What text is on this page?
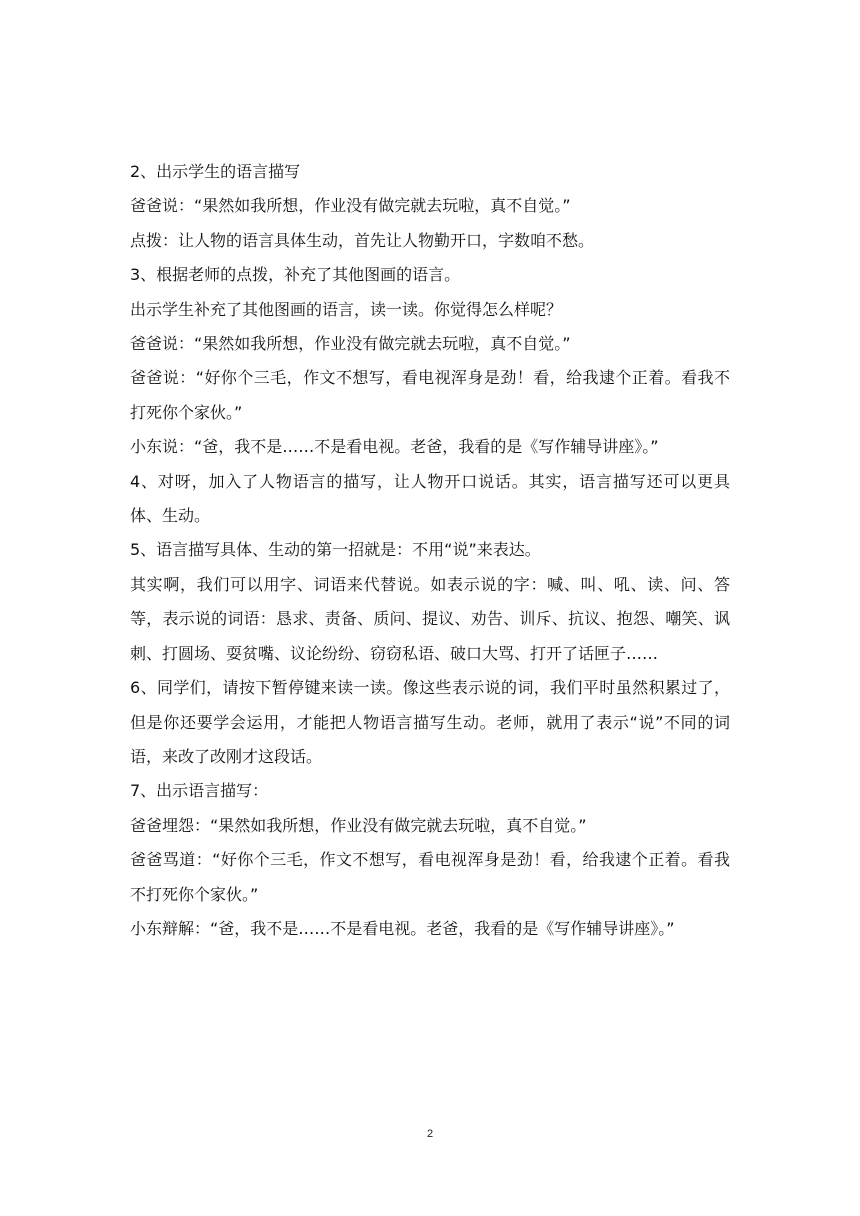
2、出示学生的语言描写

爸爸说：“果然如我所想，作业没有做完就去玩啦，真不自觉。”

点拨：让人物的语言具体生动，首先让人物勤开口，字数咱不愁。

3、根据老师的点拨，补充了其他图画的语言。

出示学生补充了其他图画的语言，读一读。你觉得怎么样呢？

爸爸说：“果然如我所想，作业没有做完就去玩啦，真不自觉。”

爸爸说：“好你个三毛，作文不想写，看电视浑身是劲！看，给我逮个正着。看我不打死你个家伙。”

小东说：“爸，我不是……不是看电视。老爸，我看的是《写作辅导讲座》。”

4、对呀，加入了人物语言的描写，让人物开口说话。其实，语言描写还可以更具体、生动。

5、语言描写具体、生动的第一招就是：不用“说”来表达。

其实啊，我们可以用字、词语来代替说。如表示说的字：喊、叫、吼、读、问、答等，表示说的词语：恳求、责备、质问、提议、劝告、训斥、抗议、抱怨、嘲笑、讽刺、打圆场、耍贫嘴、议论纷纷、窃窃私语、破口大骂、打开了话匣子……

6、同学们，请按下暂停键来读一读。像这些表示说的词，我们平时虽然积累过了，但是你还要学会运用，才能把人物语言描写生动。老师，就用了表示“说”不同的词语，来改了改刚才这段话。

7、出示语言描写：

爸爸埋怨：“果然如我所想，作业没有做完就去玩啦，真不自觉。”

爸爸骂道：“好你个三毛，作文不想写，看电视浑身是劲！看，给我逮个正着。看我不打死你个家伙。”

小东辩解：“爸，我不是……不是看电视。老爸，我看的是《写作辅导讲座》。”

2
